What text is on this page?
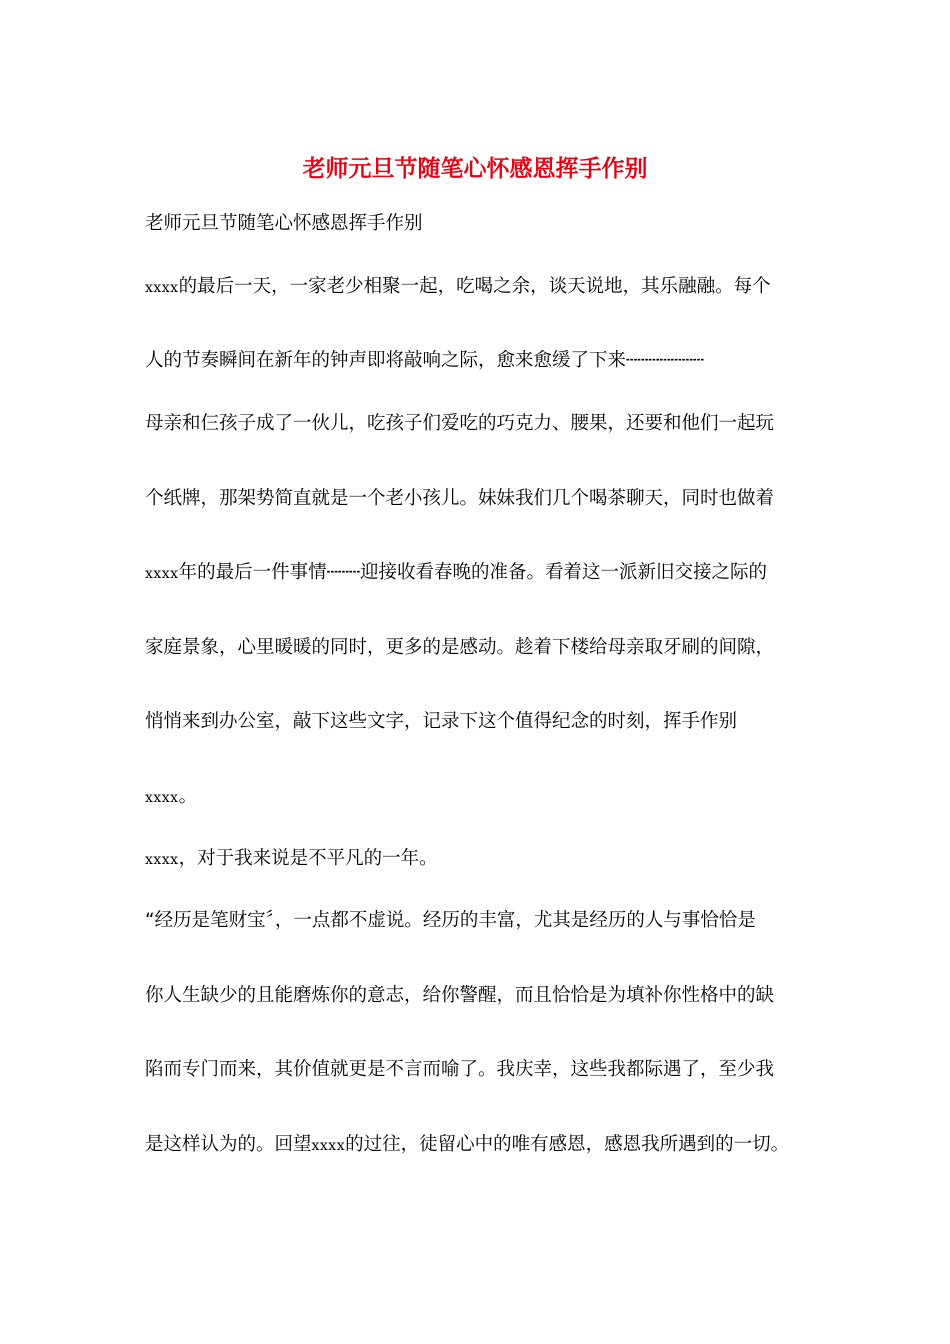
老师元旦节随笔心怀感恩挥手作别

老师元旦节随笔心怀感恩挥手作别

xxxx的最后一天，一家老少相聚一起，吃喝之余，谈天说地，其乐融融。每个

人的节奏瞬间在新年的钟声即将敲响之际，愈来愈缓了下来┄┄┄┄┄┄┄

母亲和仨孩子成了一伙儿，吃孩子们爱吃的巧克力、腰果，还要和他们一起玩

个纸牌，那架势简直就是一个老小孩儿。妹妹我们几个喝茶聊天，同时也做着

xxxx年的最后一件事情┄┄┄迎接收看春晚的准备。看着这一派新旧交接之际的

家庭景象，心里暖暖的同时，更多的是感动。趁着下楼给母亲取牙刷的间隙，

悄悄来到办公室，敲下这些文字，记录下这个值得纪念的时刻，挥手作别

xxxx。

xxxx，对于我来说是不平凡的一年。

“经历是笔财宝〞，一点都不虚说。经历的丰富，尤其是经历的人与事恰恰是

你人生缺少的且能磨炼你的意志，给你警醒，而且恰恰是为填补你性格中的缺

陷而专门而来，其价值就更是不言而喻了。我庆幸，这些我都际遇了，至少我

是这样认为的。回望xxxx的过往，徒留心中的唯有感恩，感恩我所遇到的一切。
